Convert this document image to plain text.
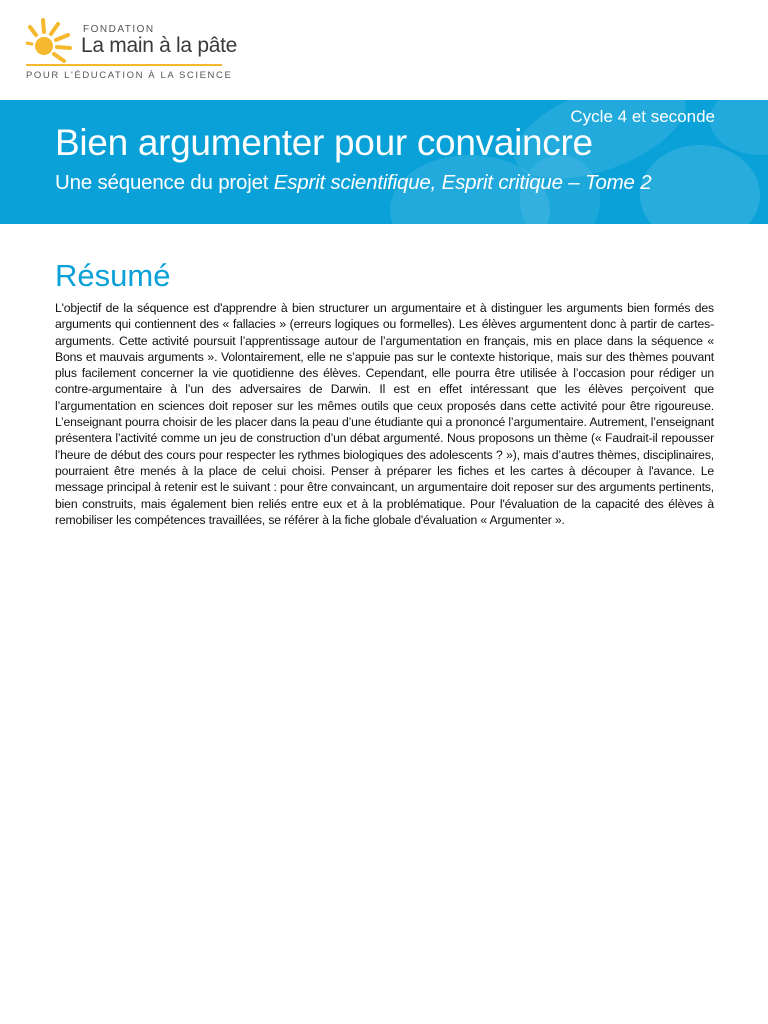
FONDATION
La main à la pâte
POUR L'ÉDUCATION À LA SCIENCE
Cycle 4 et seconde
Bien argumenter pour convaincre
Une séquence du projet Esprit scientifique, Esprit critique – Tome 2
Résumé

L'objectif de la séquence est d'apprendre à bien structurer un argumentaire et à distinguer les arguments bien formés des arguments qui contiennent des « fallacies » (erreurs logiques ou formelles). Les élèves argumentent donc à partir de cartes-arguments. Cette activité poursuit l’apprentissage autour de l’argumentation en français, mis en place dans la séquence « Bons et mauvais arguments ». Volontairement, elle ne s’appuie pas sur le contexte historique, mais sur des thèmes pouvant plus facilement concerner la vie quotidienne des élèves. Cependant, elle pourra être utilisée à l’occasion pour rédiger un contre-argumentaire à l’un des adversaires de Darwin. Il est en effet intéressant que les élèves perçoivent que l’argumentation en sciences doit reposer sur les mêmes outils que ceux proposés dans cette activité pour être rigoureuse. L’enseignant pourra choisir de les placer dans la peau d’une étudiante qui a prononcé l’argumentaire. Autrement, l’enseignant présentera l’activité comme un jeu de construction d’un débat argumenté. Nous proposons un thème (« Faudrait-il repousser l’heure de début des cours pour respecter les rythmes biologiques des adolescents ? »), mais d’autres thèmes, disciplinaires, pourraient être menés à la place de celui choisi. Penser à préparer les fiches et les cartes à découper à l'avance. Le message principal à retenir est le suivant : pour être convaincant, un argumentaire doit reposer sur des arguments pertinents, bien construits, mais également bien reliés entre eux et à la problématique. Pour l'évaluation de la capacité des élèves à remobiliser les compétences travaillées, se référer à la fiche globale d'évaluation « Argumenter ».
